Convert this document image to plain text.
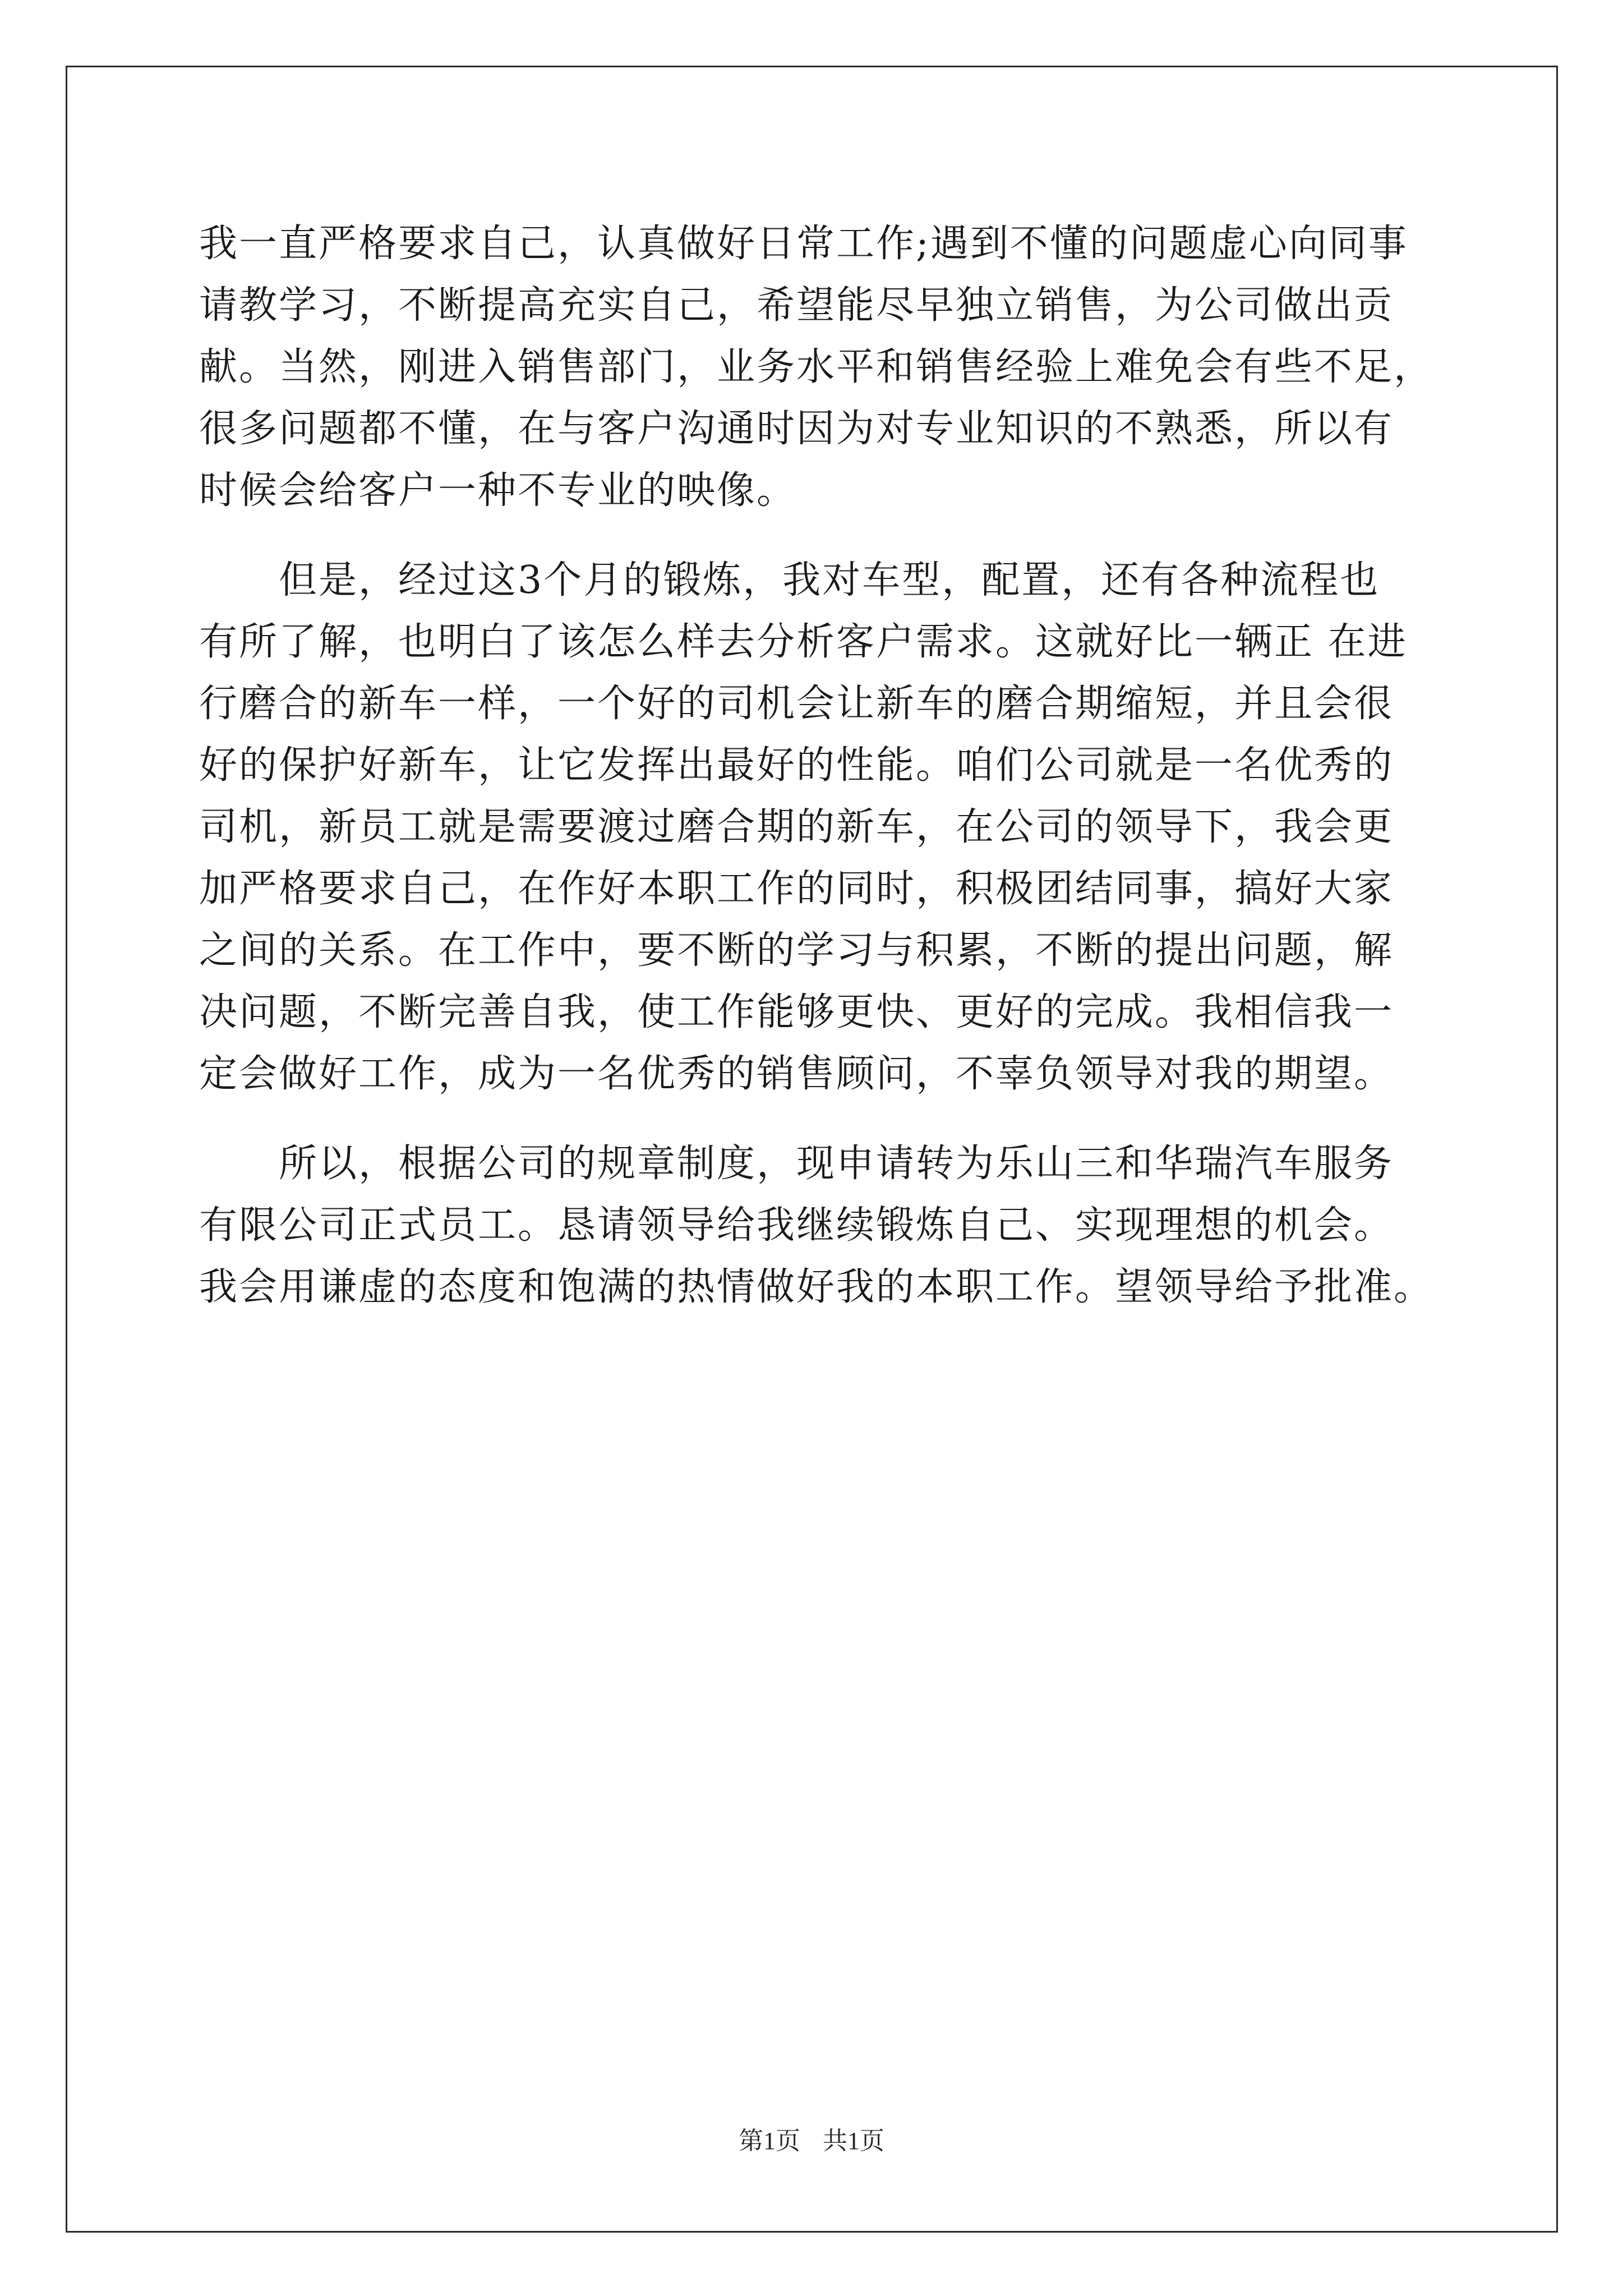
我一直严格要求自己，认真做好日常工作;遇到不懂的问题虚心向同事
请教学习，不断提高充实自己，希望能尽早独立销售，为公司做出贡
献。当然，刚进入销售部门，业务水平和销售经验上难免会有些不足，
很多问题都不懂，在与客户沟通时因为对专业知识的不熟悉，所以有
时候会给客户一种不专业的映像。
　　但是，经过这3个月的锻炼，我对车型，配置，还有各种流程也
有所了解，也明白了该怎么样去分析客户需求。这就好比一辆正 在进
行磨合的新车一样，一个好的司机会让新车的磨合期缩短，并且会很
好的保护好新车，让它发挥出最好的性能。咱们公司就是一名优秀的
司机，新员工就是需要渡过磨合期的新车，在公司的领导下，我会更
加严格要求自己，在作好本职工作的同时，积极团结同事，搞好大家
之间的关系。在工作中，要不断的学习与积累，不断的提出问题，解
决问题，不断完善自我，使工作能够更快、更好的完成。我相信我一
定会做好工作，成为一名优秀的销售顾问，不辜负领导对我的期望。
　　所以，根据公司的规章制度，现申请转为乐山三和华瑞汽车服务
有限公司正式员工。恳请领导给我继续锻炼自己、实现理想的机会。
我会用谦虚的态度和饱满的热情做好我的本职工作。望领导给予批准。
第1页 共1页
